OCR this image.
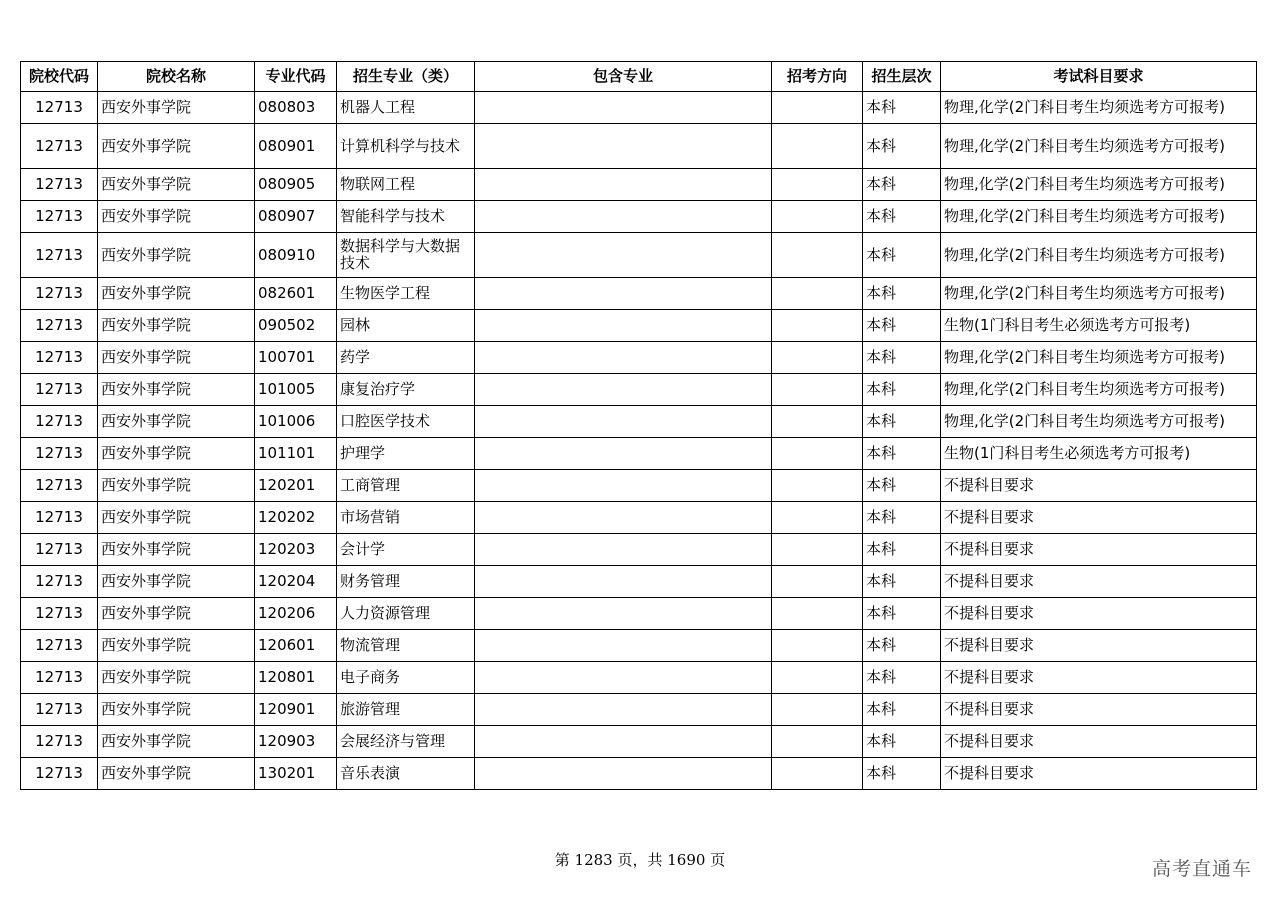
院校代码	院校名称	专业代码	招生专业（类）	包含专业	招考方向	招生层次	考试科目要求
12713	西安外事学院	080803	机器人工程			本科	物理,化学(2门科目考生均须选考方可报考)
12713	西安外事学院	080901	计算机科学与技术			本科	物理,化学(2门科目考生均须选考方可报考)
12713	西安外事学院	080905	物联网工程			本科	物理,化学(2门科目考生均须选考方可报考)
12713	西安外事学院	080907	智能科学与技术			本科	物理,化学(2门科目考生均须选考方可报考)
12713	西安外事学院	080910	数据科学与大数据技术			本科	物理,化学(2门科目考生均须选考方可报考)
12713	西安外事学院	082601	生物医学工程			本科	物理,化学(2门科目考生均须选考方可报考)
12713	西安外事学院	090502	园林			本科	生物(1门科目考生必须选考方可报考)
12713	西安外事学院	100701	药学			本科	物理,化学(2门科目考生均须选考方可报考)
12713	西安外事学院	101005	康复治疗学			本科	物理,化学(2门科目考生均须选考方可报考)
12713	西安外事学院	101006	口腔医学技术			本科	物理,化学(2门科目考生均须选考方可报考)
12713	西安外事学院	101101	护理学			本科	生物(1门科目考生必须选考方可报考)
12713	西安外事学院	120201	工商管理			本科	不提科目要求
12713	西安外事学院	120202	市场营销			本科	不提科目要求
12713	西安外事学院	120203	会计学			本科	不提科目要求
12713	西安外事学院	120204	财务管理			本科	不提科目要求
12713	西安外事学院	120206	人力资源管理			本科	不提科目要求
12713	西安外事学院	120601	物流管理			本科	不提科目要求
12713	西安外事学院	120801	电子商务			本科	不提科目要求
12713	西安外事学院	120901	旅游管理			本科	不提科目要求
12713	西安外事学院	120903	会展经济与管理			本科	不提科目要求
12713	西安外事学院	130201	音乐表演			本科	不提科目要求
第 1283 页，共 1690 页	高考直通车
